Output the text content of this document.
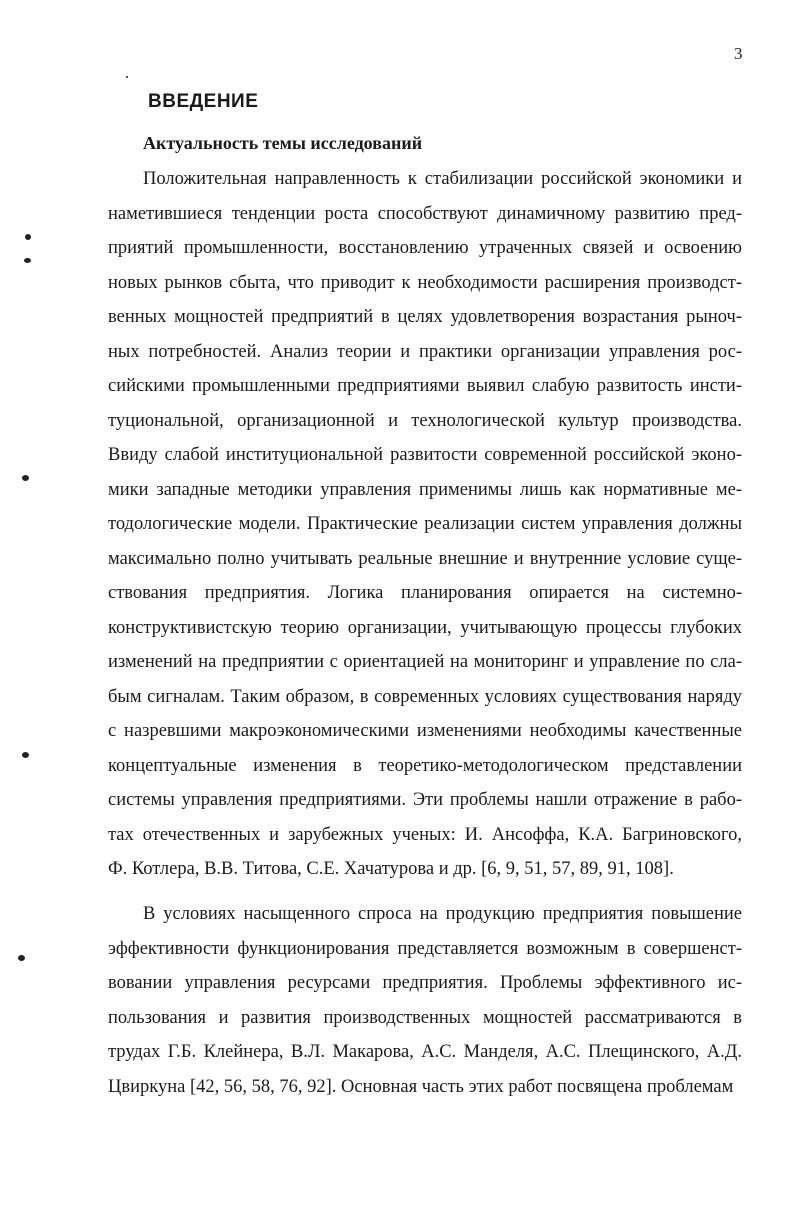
3
ВВЕДЕНИЕ
Актуальность темы исследований
Положительная направленность к стабилизации российской экономики и
наметившиеся тенденции роста способствуют динамичному развитию пред-
приятий промышленности, восстановлению утраченных связей и освоению
новых рынков сбыта, что приводит к необходимости расширения производст-
венных мощностей предприятий в целях удовлетворения возрастания рыноч-
ных потребностей. Анализ теории и практики организации управления рос-
сийскими промышленными предприятиями выявил слабую развитость инсти-
туциональной, организационной и технологической культур производства.
Ввиду слабой институциональной развитости современной российской эконо-
мики западные методики управления применимы лишь как нормативные ме-
тодологические модели. Практические реализации систем управления должны
максимально полно учитывать реальные внешние и внутренние условие суще-
ствования предприятия. Логика планирования опирается на системно-
конструктивистскую теорию организации, учитывающую процессы глубоких
изменений на предприятии с ориентацией на мониторинг и управление по сла-
бым сигналам. Таким образом, в современных условиях существования наряду
с назревшими макроэкономическими изменениями необходимы качественные
концептуальные изменения в теоретико-методологическом представлении
системы управления предприятиями. Эти проблемы нашли отражение в рабо-
тах отечественных и зарубежных ученых: И. Ансоффа, К.А. Багриновского,
Ф. Котлера, В.В. Титова, С.Е. Хачатурова и др. [6, 9, 51, 57, 89, 91, 108].
В условиях насыщенного спроса на продукцию предприятия повышение
эффективности функционирования представляется возможным в совершенст-
вовании управления ресурсами предприятия. Проблемы эффективного ис-
пользования и развития производственных мощностей рассматриваются в
трудах Г.Б. Клейнера, В.Л. Макарова, А.С. Манделя, А.С. Плещинского, А.Д.
Цвиркуна [42, 56, 58, 76, 92]. Основная часть этих работ посвящена проблемам
